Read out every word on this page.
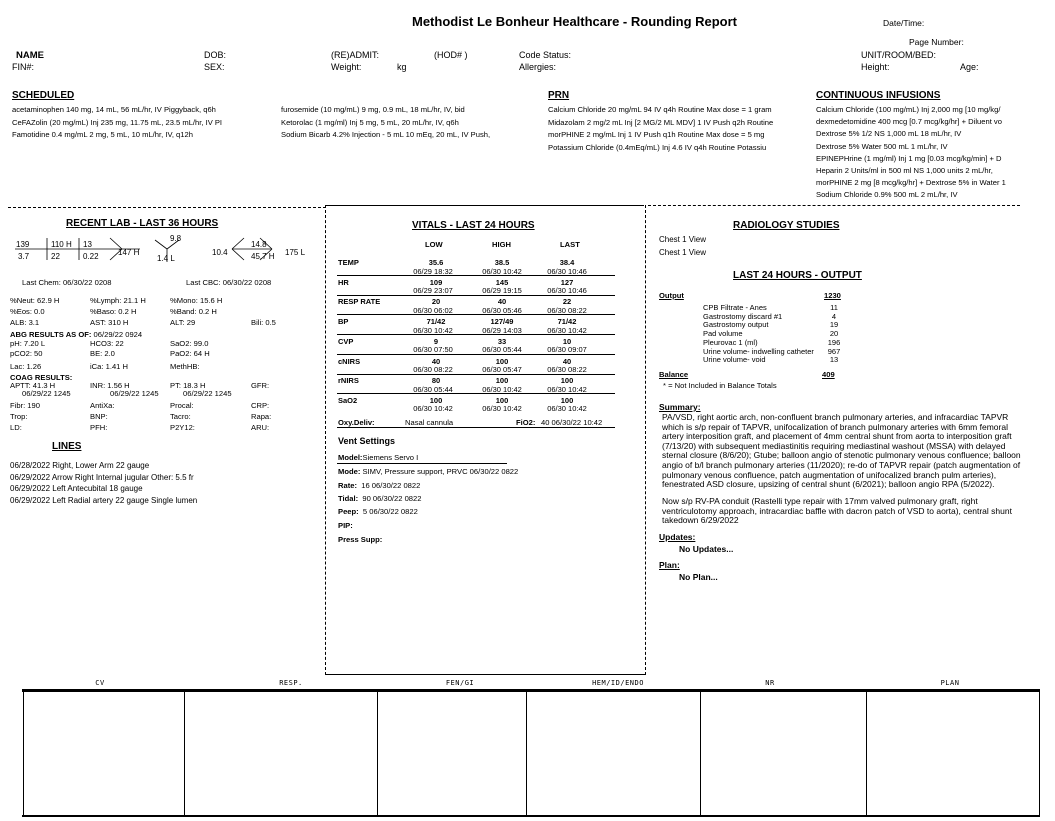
Methodist Le Bonheur Healthcare - Rounding Report	Date/Time:
Page Number:
NAME
FIN#:
DOB:
SEX:
(RE)ADMIT:
Weight:	kg
(HOD# )	Code Status:
Allergies:
UNIT/ROOM/BED:
Height:	Age:
SCHEDULED
acetaminophen 140 mg, 14 mL, 56 mL/hr, IV Piggyback, q6h
CeFAZolin (20 mg/mL) Inj 235 mg, 11.75 mL, 23.5 mL/hr, IV PI
Famotidine 0.4 mg/mL 2 mg, 5 mL, 10 mL/hr, IV, q12h
furosemide (10 mg/mL) 9 mg, 0.9 mL, 18 mL/hr, IV, bid
Ketorolac (1 mg/ml) Inj 5 mg, 5 mL, 20 mL/hr, IV, q6h
Sodium Bicarb 4.2% Injection - 5 mL 10 mEq, 20 mL, IV Push,
PRN
Calcium Chloride 20 mg/mL 94 IV q4h Routine Max dose = 1 gram
Midazolam 2 mg/2 mL Inj [2 MG/2 ML MDV] 1 IV Push q2h Routine
morPHINE 2 mg/mL Inj 1 IV Push q1h Routine Max dose = 5 mg
Potassium Chloride (0.4mEq/mL) Inj 4.6 IV q4h Routine Potassiu
CONTINUOUS INFUSIONS
Calcium Chloride (100 mg/mL) Inj 2,000 mg [10 mg/kg/
dexmedetomidine 400 mcg [0.7 mcg/kg/hr] + Diluent vo
Dextrose 5% 1/2 NS 1,000 mL 18 mL/hr, IV
Dextrose 5% Water 500 mL 1 mL/hr, IV
EPINEPHrine (1 mg/ml) Inj 1 mg [0.03 mcg/kg/min] + D
Heparin 2 Units/ml in 500 ml NS 1,000 units 2 mL/hr,
morPHINE 2 mg [8 mcg/kg/hr] + Dextrose 5% in Water 1
Sodium Chloride 0.9% 500 mL 2 mL/hr, IV
RECENT LAB - LAST 36 HOURS
139	110 H 13
147 H
3.7	22	0.22
9.8
1.4 L
10.4
14.8
45.7 H 175 L
Last Chem: 06/30/22 0208	Last CBC: 06/30/22 0208
%Neut: 62.9 H	%Lymph: 21.1 H	%Mono: 15.6 H
%Eos: 0.0	%Baso: 0.2 H	%Band: 0.2 H
ALB: 3.1	AST: 310 H	ALT: 29	Bili: 0.5
ABG RESULTS AS OF: 06/29/22 0924
pH: 7.20 L	HCO3: 22	SaO2: 99.0
pCO2: 50	BE: 2.0	PaO2: 64 H
Lac: 1.26	iCa: 1.41 H	MethHB:
COAG RESULTS:
APTT: 41.3 H
06/29/22 1245
INR: 1.56 H
06/29/22 1245
PT: 18.3 H
06/29/22 1245
GFR:
Fibr: 190	AntiXa:	Procal:	CRP:
Trop:	BNP:	Tacro:	Rapa:
LD:	PFH:	P2Y12:	ARU:
LINES
06/28/2022 Right, Lower Arm 22 gauge
06/29/2022 Arrow Right Internal jugular Other: 5.5 fr
06/29/2022 Left Antecubital 18 gauge
06/29/2022 Left Radial artery 22 gauge Single lumen
VITALS - LAST 24 HOURS
LOW	HIGH	LAST
TEMP	35.6	38.5	38.4
06/29 18:32	06/30 10:42	06/30 10:46
HR	109	145	127
06/29 23:07	06/29 19:15	06/30 10:46
RESP RATE	20	40	22
06/30 06:02	06/30 05:46	06/30 08:22
BP	71/42	127/49	71/42
06/30 10:42	06/29 14:03	06/30 10:42
CVP	9	33	10
06/30 07:50	06/30 05:44	06/30 09:07
cNIRS	40	100	40
06/30 08:22	06/30 05:47	06/30 08:22
rNIRS	80	100	100
06/30 05:44	06/30 10:42	06/30 10:42
SaO2	100	100	100
06/30 10:42	06/30 10:42	06/30 10:42
Oxy.Deliv:	Nasal cannula	FiO2: 40 06/30/22 10:42
Vent Settings
Model:Siemens Servo I
Mode: SIMV, Pressure support, PRVC 06/30/22 0822
Rate: 16 06/30/22 0822
Tidal: 90 06/30/22 0822
Peep: 5 06/30/22 0822
PIP:
Press Supp:
RADIOLOGY STUDIES
Chest 1 View
Chest 1 View
LAST 24 HOURS - OUTPUT
Output	1230
CPB Filtrate - Anes	11
Gastrostomy discard #1	4
Gastrostomy output	19
Pad volume	20
Pleurovac 1 (ml)	196
Urine volume- indwelling catheter	967
Urine volume- void	13
Balance	409
* = Not Included in Balance Totals
Summary:
PA/VSD, right aortic arch, non-confluent branch pulmonary arteries, and infracardiac TAPVR which is s/p repair of TAPVR, unifocalization of branch pulmonary arteries with 6mm femoral artery interposition graft, and placement of 4mm central shunt from aorta to interposition graft (7/13/20) with subsequent mediastinitis requiring mediastinal washout (MSSA) with delayed sternal closure (8/6/20); Gtube; balloon angio of stenotic pulmonary venous confluence; balloon angio of b/l branch pulmonary arteries (11/2020); re-do of TAPVR repair (patch augmentation of pulmonary venous confluence, patch augmentation of unifocalized branch pulm arteries), fenestrated ASD closure, upsizing of central shunt (6/2021); balloon angio RPA (5/2022).
Now s/p RV-PA conduit (Rastelli type repair with 17mm valved pulmonary graft, right ventriculotomy approach, intracardiac baffle with dacron patch of VSD to aorta), central shunt takedown 6/29/2022
Updates:
No Updates...
Plan:
No Plan...
CV	RESP.	FEN/GI	HEM/ID/ENDO	NR	PLAN
